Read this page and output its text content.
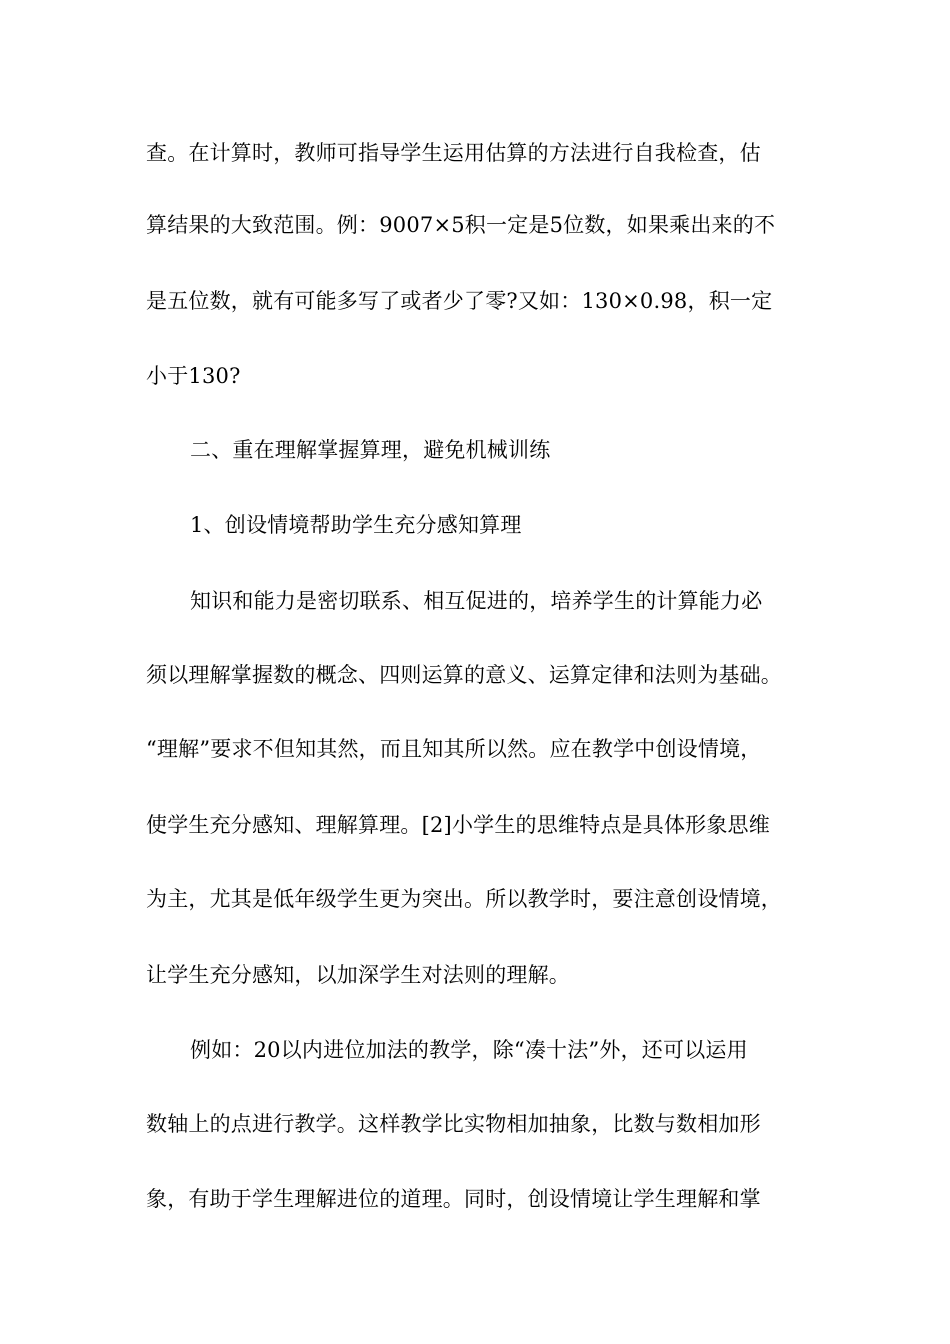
查。在计算时，教师可指导学生运用估算的方法进行自我检查，估
算结果的大致范围。例：9007×5积一定是5位数，如果乘出来的不
是五位数，就有可能多写了或者少了零?又如：130×0.98，积一定
小于130?
二、重在理解掌握算理，避免机械训练
1、创设情境帮助学生充分感知算理
知识和能力是密切联系、相互促进的，培养学生的计算能力必
须以理解掌握数的概念、四则运算的意义、运算定律和法则为基础。
“理解”要求不但知其然，而且知其所以然。应在教学中创设情境，
使学生充分感知、理解算理。[2]小学生的思维特点是具体形象思维
为主，尤其是低年级学生更为突出。所以教学时，要注意创设情境，
让学生充分感知，以加深学生对法则的理解。
例如：20以内进位加法的教学，除“凑十法”外，还可以运用
数轴上的点进行教学。这样教学比实物相加抽象，比数与数相加形
象，有助于学生理解进位的道理。同时，创设情境让学生理解和掌
